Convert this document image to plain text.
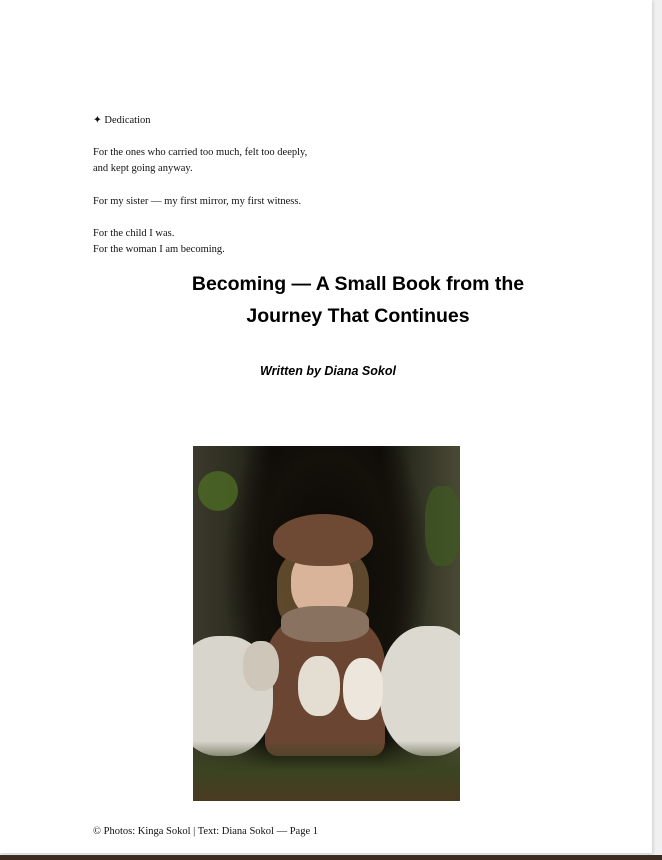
✦ Dedication
For the ones who carried too much, felt too deeply,
and kept going anyway.
For my sister — my first mirror, my first witness.
For the child I was.
For the woman I am becoming.
Becoming — A Small Book from the
Journey That Continues
Written by Diana Sokol
© Photos: Kinga Sokol | Text: Diana Sokol — Page 1
